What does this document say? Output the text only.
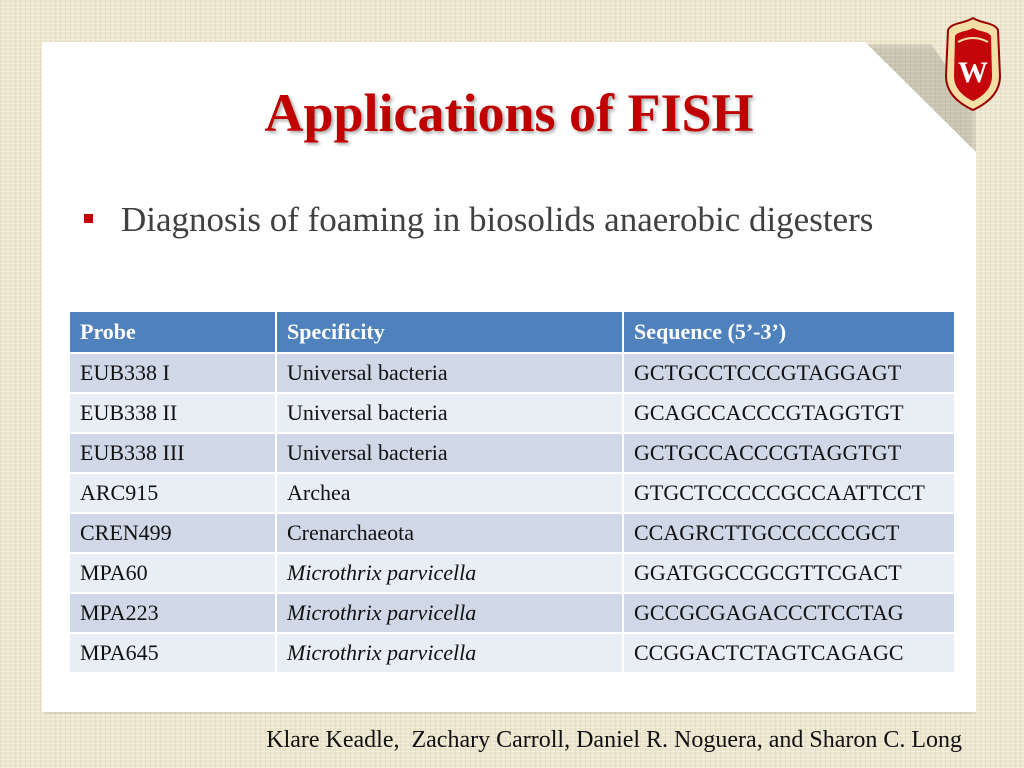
W
Applications of FISH
Diagnosis of foaming in biosolids anaerobic digesters
Probe	Specificity	Sequence (5’-3’)
EUB338 I	Universal bacteria	GCTGCCTCCCGTAGGAGT
EUB338 II	Universal bacteria	GCAGCCACCCGTAGGTGT
EUB338 III	Universal bacteria	GCTGCCACCCGTAGGTGT
ARC915	Archea	GTGCTCCCCCGCCAATTCCT
CREN499	Crenarchaeota	CCAGRCTTGCCCCCCGCT
MPA60	Microthrix parvicella	GGATGGCCGCGTTCGACT
MPA223	Microthrix parvicella	GCCGCGAGACCCTCCTAG
MPA645	Microthrix parvicella	CCGGACTCTAGTCAGAGC
Klare Keadle,  Zachary Carroll, Daniel R. Noguera, and Sharon C. Long
